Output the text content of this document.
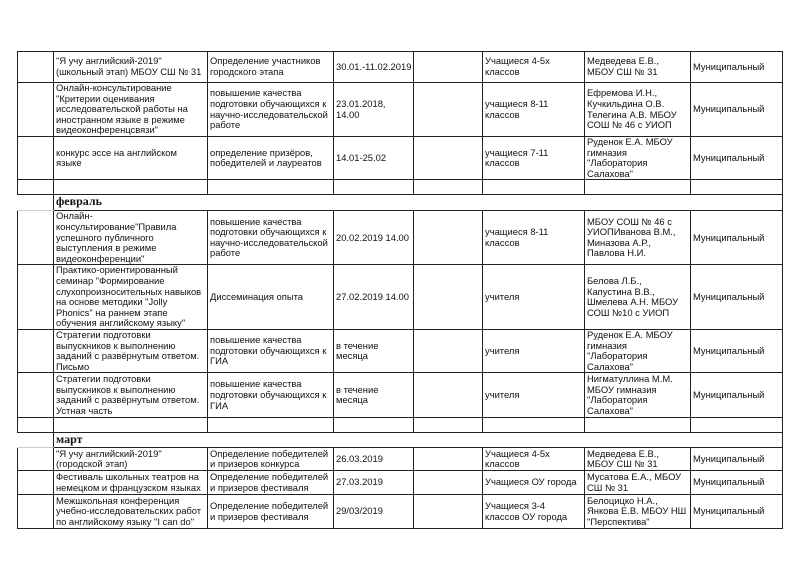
	"Я учу английский-2019" (школьный этап) МБОУ СШ № 31	Определение участников городского этапа	30.01.-11.02.2019		Учащиеся 4-5х классов	Медведева Е.В., МБОУ СШ № 31	Муниципальный
	Онлайн-консультирование "Критерии оценивания исследовательской работы на иностранном языке в режиме видеоконференцсвязи"	повышение качества подготовки обучающихся к научно-исследовательской работе	23.01.2018, 14.00		учащиеся 8-11 классов	Ефремова И.Н., Кучкильдина О.В. Телегина А.В. МБОУ СОШ № 46 с УИОП	Муниципальный
	конкурс эссе на английском языке	определение призёров, победителей и лауреатов	14.01-25.02		учащиеся 7-11 классов	Руденок Е.А. МБОУ гимназия "Лаборатория Салахова"	Муниципальный

	февраль						
	Онлайн-консультирование"Правила успешного публичного выступления в режиме видеоконференции"	повышение качества подготовки обучающихся к научно-исследовательской работе	20.02.2019 14.00		учащиеся 8-11 классов	МБОУ СОШ № 46 с УИОПИванова В.М., Миназова А.Р., Павлова Н.И.	Муниципальный
	Практико-ориентированный семинар "Формирование слухопроизносительных навыков на основе методики "Jolly Phonics" на раннем этапе обучения английскому языку"	Диссеминация опыта	27.02.2019 14.00		учителя	Белова Л.Б., Капустина В.В., Шмелева А.Н. МБОУ СОШ №10 с УИОП	Муниципальный
	Стратегии подготовки выпускников к выполнению заданий с развёрнутым ответом. Письмо	повышение качества подготовки обучающихся к ГИА	в течение месяца		учителя	Руденок Е.А. МБОУ гимназия "Лаборатория Салахова"	Муниципальный
	Стратегии подготовки выпускников к выполнению заданий с развёрнутым ответом. Устная часть	повышение качества подготовки обучающихся к ГИА	в течение месяца		учителя	Нигматуллина М.М. МБОУ гимназия "Лаборатория Салахова"	Муниципальный

	март						
	"Я учу английский-2019" (городской этап)	Определение победителей и призеров конкурса	26.03.2019		Учащиеся 4-5х классов	Медведева Е.В., МБОУ СШ № 31	Муниципальный
	Фестиваль школьных театров на немецком и французском языках	Определение победителей и призеров фестиваля	27.03.2019		Учащиеся ОУ города	Мусатова Е.А., МБОУ СШ № 31	Муниципальный
	Межшкольная конференция учебно-исследовательских работ по английскому языку "I can do"	Определение победителей и призеров фестиваля	29/03/2019		Учащиеся 3-4 классов ОУ города	Белоцицко Н.А., Янкова Е.В. МБОУ НШ "Перспектива"	Муниципальный
